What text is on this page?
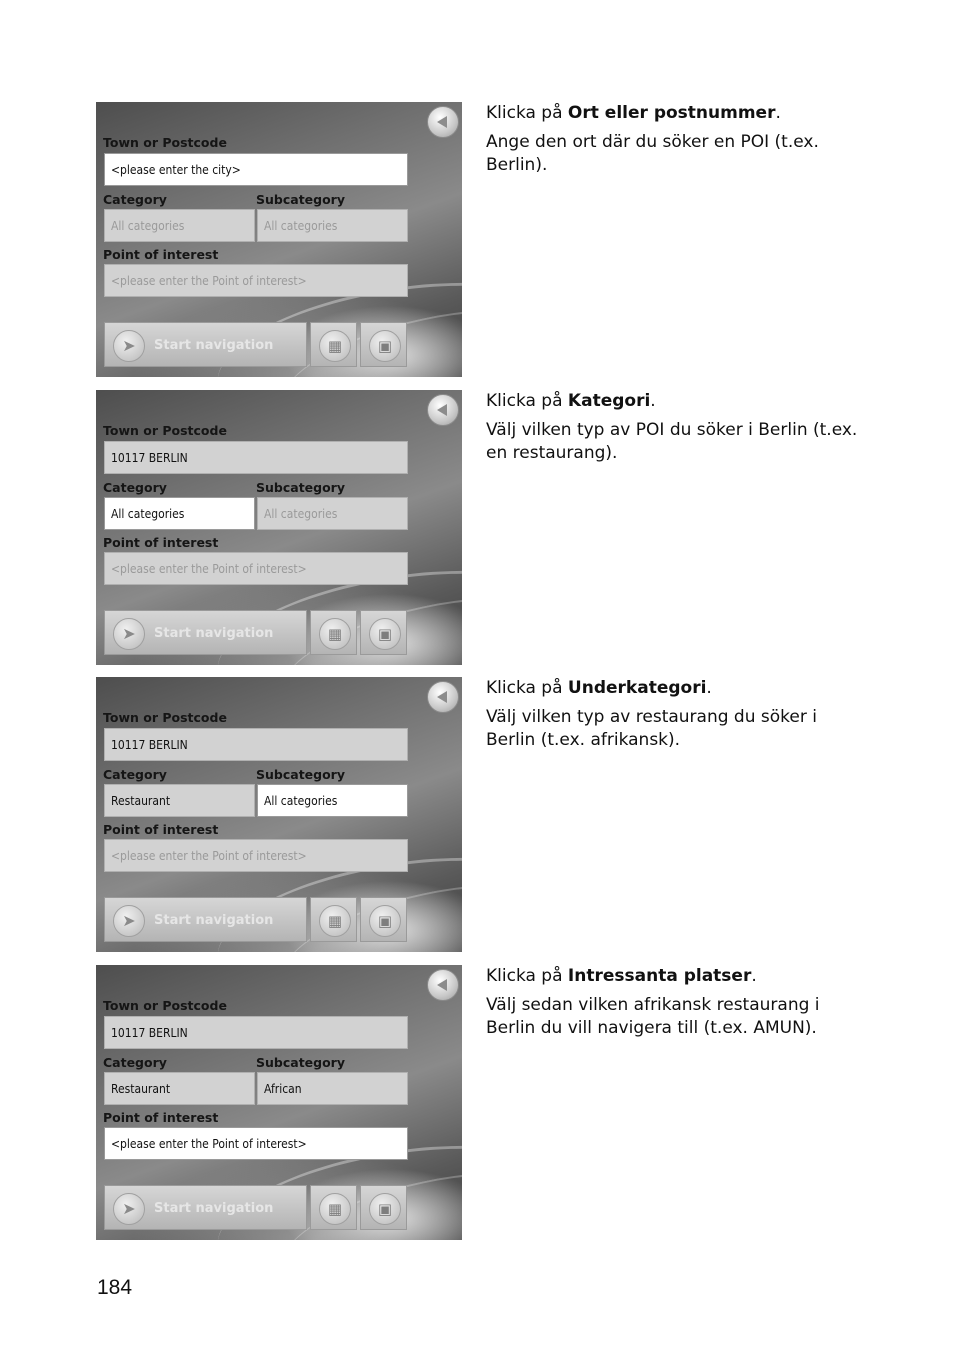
Town or Postcode
<please enter the city>
Category	Subcategory
All categories	All categories
Point of interest
<please enter the Point of interest>
➤	Start navigation	▦	▣

Klicka på Ort eller postnummer.

Ange den ort där du söker en POI (t.ex. Berlin).

Town or Postcode
10117 BERLIN
Category	Subcategory
All categories	All categories
Point of interest
<please enter the Point of interest>
➤	Start navigation	▦	▣

Klicka på Kategori.

Välj vilken typ av POI du söker i Berlin (t.ex. en restaurang).

Town or Postcode
10117 BERLIN
Category	Subcategory
Restaurant	All categories
Point of interest
<please enter the Point of interest>
➤	Start navigation	▦	▣

Klicka på Underkategori.

Välj vilken typ av restaurang du söker i Berlin (t.ex. afrikansk).

Town or Postcode
10117 BERLIN
Category	Subcategory
Restaurant	African
Point of interest
<please enter the Point of interest>
➤	Start navigation	▦	▣

Klicka på Intressanta platser.

Välj sedan vilken afrikansk restaurang i Berlin du vill navigera till (t.ex. AMUN).

184
